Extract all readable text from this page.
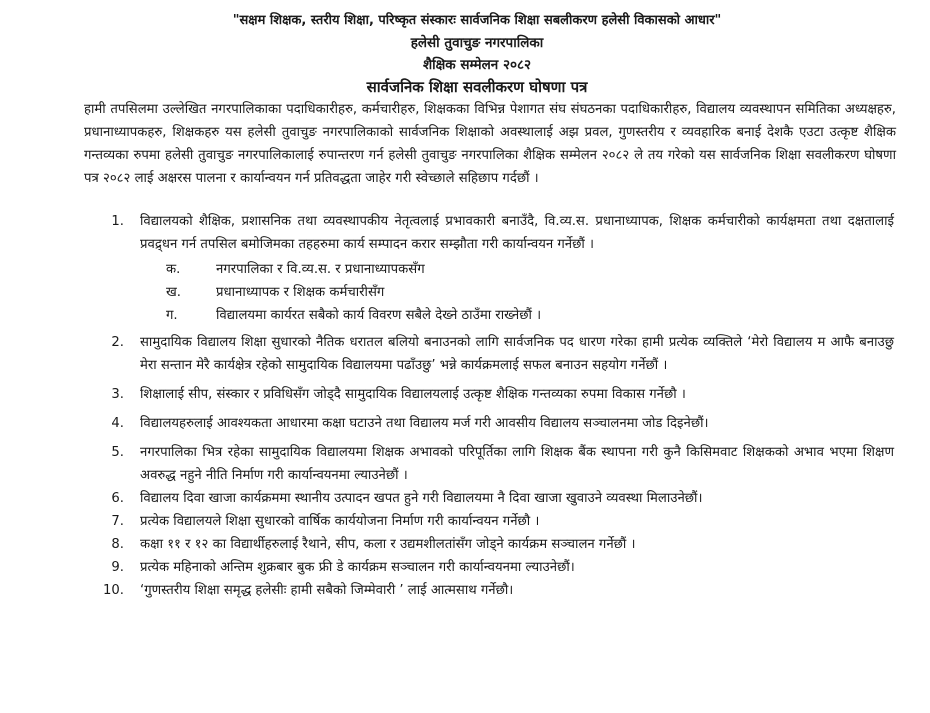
"सक्षम शिक्षक, स्तरीय शिक्षा, परिष्कृत संस्कारः सार्वजनिक शिक्षा सबलीकरण हलेसी विकासको आधार"
हलेसी तुवाचुङ नगरपालिका
शैक्षिक सम्मेलन २०८२
सार्वजनिक शिक्षा सवलीकरण घोषणा पत्र

हामी तपसिलमा उल्लेखित नगरपालिकाका पदाधिकारीहरु, कर्मचारीहरु, शिक्षकका विभिन्न पेशागत संघ संघठनका पदाधिकारीहरु, विद्यालय व्यवस्थापन समितिका अध्यक्षहरु, प्रधानाध्यापकहरु, शिक्षकहरु यस हलेसी तुवाचुङ नगरपालिकाको सार्वजनिक शिक्षाको अवस्थालाई अझ प्रवल, गुणस्तरीय र व्यवहारिक बनाई देशकै एउटा उत्कृष्ट शैक्षिक गन्तव्यका रुपमा हलेसी तुवाचुङ नगरपालिकालाई रुपान्तरण गर्न हलेसी तुवाचुङ नगरपालिका शैक्षिक सम्मेलन २०८२ ले तय गरेको यस सार्वजनिक शिक्षा सवलीकरण घोषणा पत्र २०८२ लाई अक्षरस पालना र कार्यान्वयन गर्न प्रतिवद्धता जाहेर गरी स्वेच्छाले सहिछाप गर्दछौं ।

1. विद्यालयको शैक्षिक, प्रशासनिक तथा व्यवस्थापकीय नेतृत्वलाई प्रभावकारी बनाउँदै, वि.व्य.स. प्रधानाध्यापक, शिक्षक कर्मचारीको कार्यक्षमता तथा दक्षतालाई प्रवद्र्धन गर्न तपसिल बमोजिमका तहहरुमा कार्य सम्पादन करार सम्झौता गरी कार्यान्वयन गर्नेछौं ।
क.	नगरपालिका र वि.व्य.स. र प्रधानाध्यापकसँग
ख.	प्रधानाध्यापक र शिक्षक कर्मचारीसँग
ग.	विद्यालयमा कार्यरत सबैको कार्य विवरण सबैले देख्ने ठाउँमा राख्नेछौं ।
2. सामुदायिक विद्यालय शिक्षा सुधारको नैतिक धरातल बलियो बनाउनको लागि सार्वजनिक पद धारण गरेका हामी प्रत्येक व्यक्तिले ‘मेरो विद्यालय म आफै बनाउछु मेरा सन्तान मेरै कार्यक्षेत्र रहेको सामुदायिक विद्यालयमा पढाँउछु’ भन्ने कार्यक्रमलाई सफल बनाउन सहयोग गर्नेछौं ।
3. शिक्षालाई सीप, संस्कार र प्रविधिसँग जोड्दै सामुदायिक विद्यालयलाई उत्कृष्ट शैक्षिक गन्तव्यका रुपमा विकास गर्नेछौ ।
4. विद्यालयहरुलाई आवश्यकता आधारमा कक्षा घटाउने तथा विद्यालय मर्ज गरी आवसीय विद्यालय सञ्चालनमा जोड दिइनेछौं।
5. नगरपालिका भित्र रहेका सामुदायिक विद्यालयमा शिक्षक अभावको परिपूर्तिका लागि शिक्षक बैंक स्थापना गरी कुनै किसिमवाट शिक्षकको अभाव भएमा शिक्षण अवरुद्ध नहुने नीति निर्माण गरी कार्यान्वयनमा ल्याउनेछौं ।
6. विद्यालय दिवा खाजा कार्यक्रममा स्थानीय उत्पादन खपत हुने गरी विद्यालयमा नै दिवा खाजा खुवाउने व्यवस्था मिलाउनेछौं।
7. प्रत्येक विद्यालयले शिक्षा सुधारको वार्षिक कार्ययोजना निर्माण गरी कार्यान्वयन गर्नेछौ ।
8. कक्षा ११ र १२ का विद्यार्थीहरुलाई रैथाने, सीप, कला र उद्यमशीलतांसँग जोड्ने कार्यक्रम सञ्चालन गर्नेछौं ।
9. प्रत्येक महिनाको अन्तिम शुक्रबार बुक फ्री डे कार्यक्रम सञ्चालन गरी कार्यान्वयनमा ल्याउनेछौं।
10. ‘गुणस्तरीय शिक्षा समृद्ध हलेसीः हामी सबैको जिम्मेवारी ’ लाई आत्मसाथ गर्नेछौ।
